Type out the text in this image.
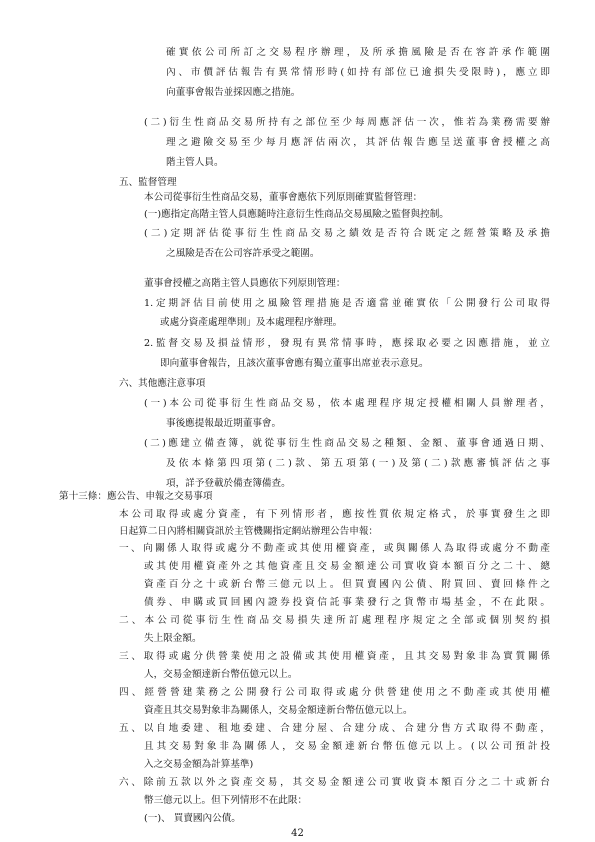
確實依公司所訂之交易程序辦理，及所承擔風險是否在容許承作範圍
內、市價評估報告有異常情形時(如持有部位已逾損失受限時)，應立即
向董事會報告並採因應之措施。
(二)衍生性商品交易所持有之部位至少每周應評估一次，惟若為業務需要辦
理之避險交易至少每月應評估兩次，其評估報告應呈送董事會授權之高
階主管人員。
五、監督管理
本公司從事衍生性商品交易，董事會應依下列原則確實監督管理：
(一)應指定高階主管人員應隨時注意衍生性商品交易風險之監督與控制。
(二)定期評估從事衍生性商品交易之績效是否符合既定之經營策略及承擔
之風險是否在公司容許承受之範圍。
董事會授權之高階主管人員應依下列原則管理：
1.定期評估目前使用之風險管理措施是否適當並確實依「公開發行公司取得
或處分資產處理準則」及本處理程序辦理。
2.監督交易及損益情形，發現有異常情事時，應採取必要之因應措施，並立
即向董事會報告，且該次董事會應有獨立董事出席並表示意見。
六、其他應注意事項
(一)本公司從事衍生性商品交易，依本處理程序規定授權相關人員辦理者，
事後應提報最近期董事會。
(二)應建立備查簿，就從事衍生性商品交易之種類、金額、董事會通過日期、
及依本條第四項第(二)款、第五項第(一)及第(二)款應審慎評估之事
項，詳予登載於備查簿備查。
第十三條：應公告、申報之交易事項
本公司取得或處分資產，有下列情形者，應按性質依規定格式，於事實發生之即
日起算二日內將相關資訊於主管機關指定網站辦理公告申報：
一、向關係人取得或處分不動產或其使用權資產，或與關係人為取得或處分不動產
或其使用權資產外之其他資產且交易金額達公司實收資本額百分之二十、總
資產百分之十或新台幣三億元以上。但買賣國內公債、附買回、賣回條件之
債券、申購或買回國內證券投資信託事業發行之貨幣市場基金，不在此限。
二、本公司從事衍生性商品交易損失達所訂處理程序規定之全部或個別契約損
失上限金額。
三、取得或處分供營業使用之設備或其使用權資產，且其交易對象非為實質關係
人，交易金額達新台幣伍億元以上。
四、經營營建業務之公開發行公司取得或處分供營建使用之不動產或其使用權
資產且其交易對象非為關係人，交易金額達新台幣伍億元以上。
五、以自地委建、租地委建、合建分屋、合建分成、合建分售方式取得不動產，
且其交易對象非為關係人，交易金額達新台幣伍億元以上。(以公司預計投
入之交易金額為計算基準)
六、除前五款以外之資產交易，其交易金額達公司實收資本額百分之二十或新台
幣三億元以上。但下列情形不在此限：
(一)、 買賣國內公債。
42
